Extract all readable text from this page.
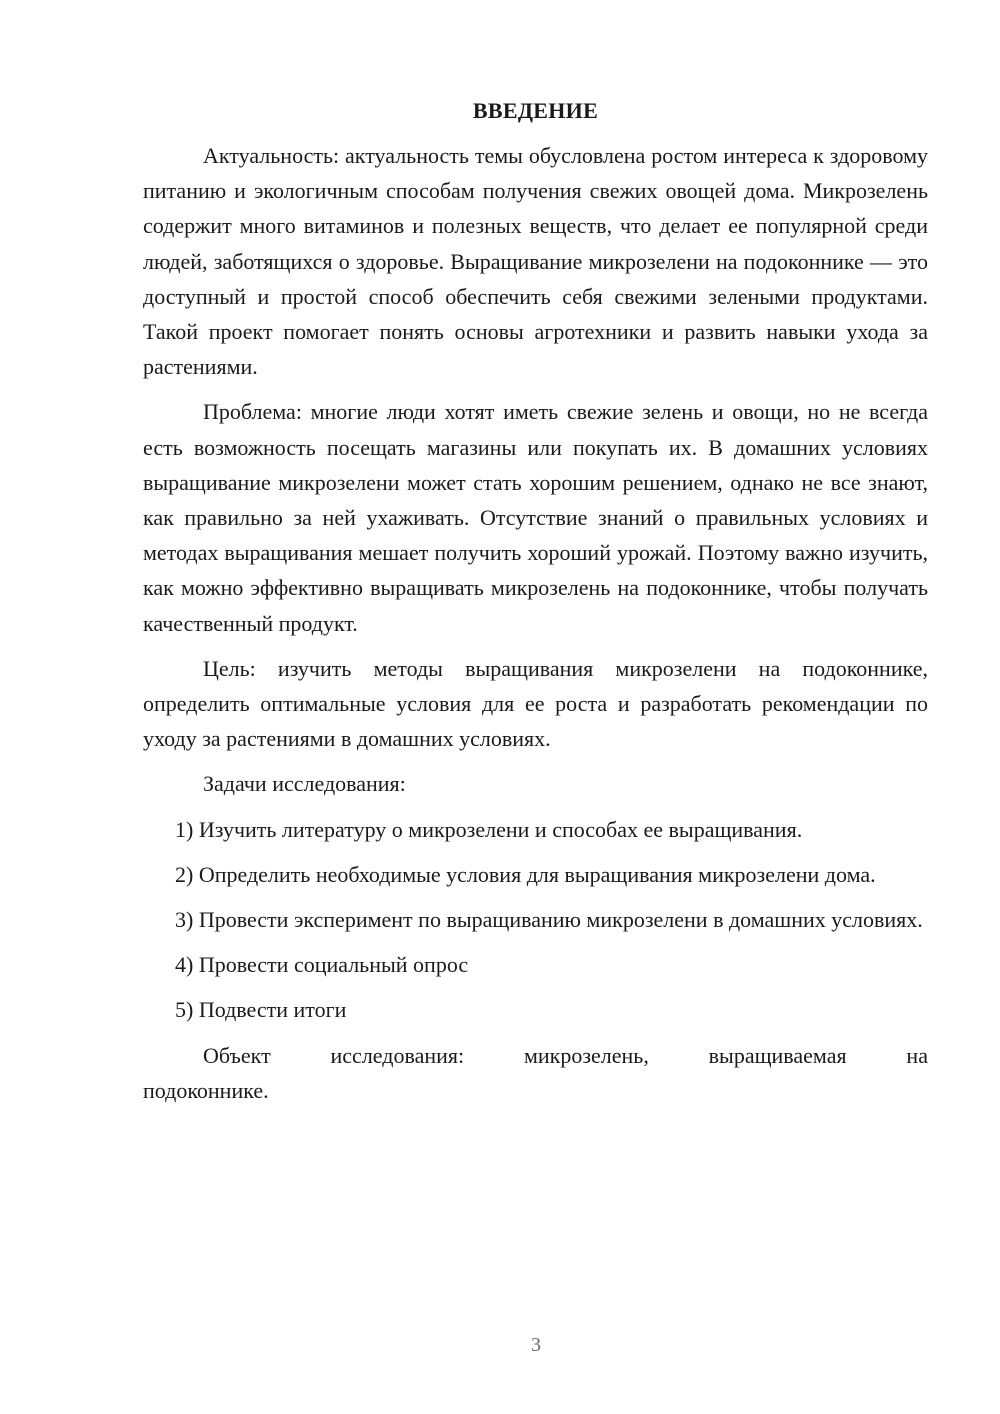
ВВЕДЕНИЕ

Актуальность: актуальность темы обусловлена ростом интереса к здоровому питанию и экологичным способам получения свежих овощей дома. Микрозелень содержит много витаминов и полезных веществ, что делает ее популярной среди людей, заботящихся о здоровье. Выращивание микрозелени на подоконнике — это доступный и простой способ обеспечить себя свежими зелеными продуктами. Такой проект помогает понять основы агротехники и развить навыки ухода за растениями.

Проблема: многие люди хотят иметь свежие зелень и овощи, но не всегда есть возможность посещать магазины или покупать их. В домашних условиях выращивание микрозелени может стать хорошим решением, однако не все знают, как правильно за ней ухаживать. Отсутствие знаний о правильных условиях и методах выращивания мешает получить хороший урожай. Поэтому важно изучить, как можно эффективно выращивать микрозелень на подоконнике, чтобы получать качественный продукт.

Цель: изучить методы выращивания микрозелени на подоконнике, определить оптимальные условия для ее роста и разработать рекомендации по уходу за растениями в домашних условиях.

Задачи исследования:

1) Изучить литературу о микрозелени и способах ее выращивания.

2) Определить необходимые условия для выращивания микрозелени дома.

3) Провести эксперимент по выращиванию микрозелени в домашних условиях.

4) Провести социальный опрос

5) Подвести итоги

Объект	исследования:	микрозелень,	выращиваемая	на

подоконнике.

3
